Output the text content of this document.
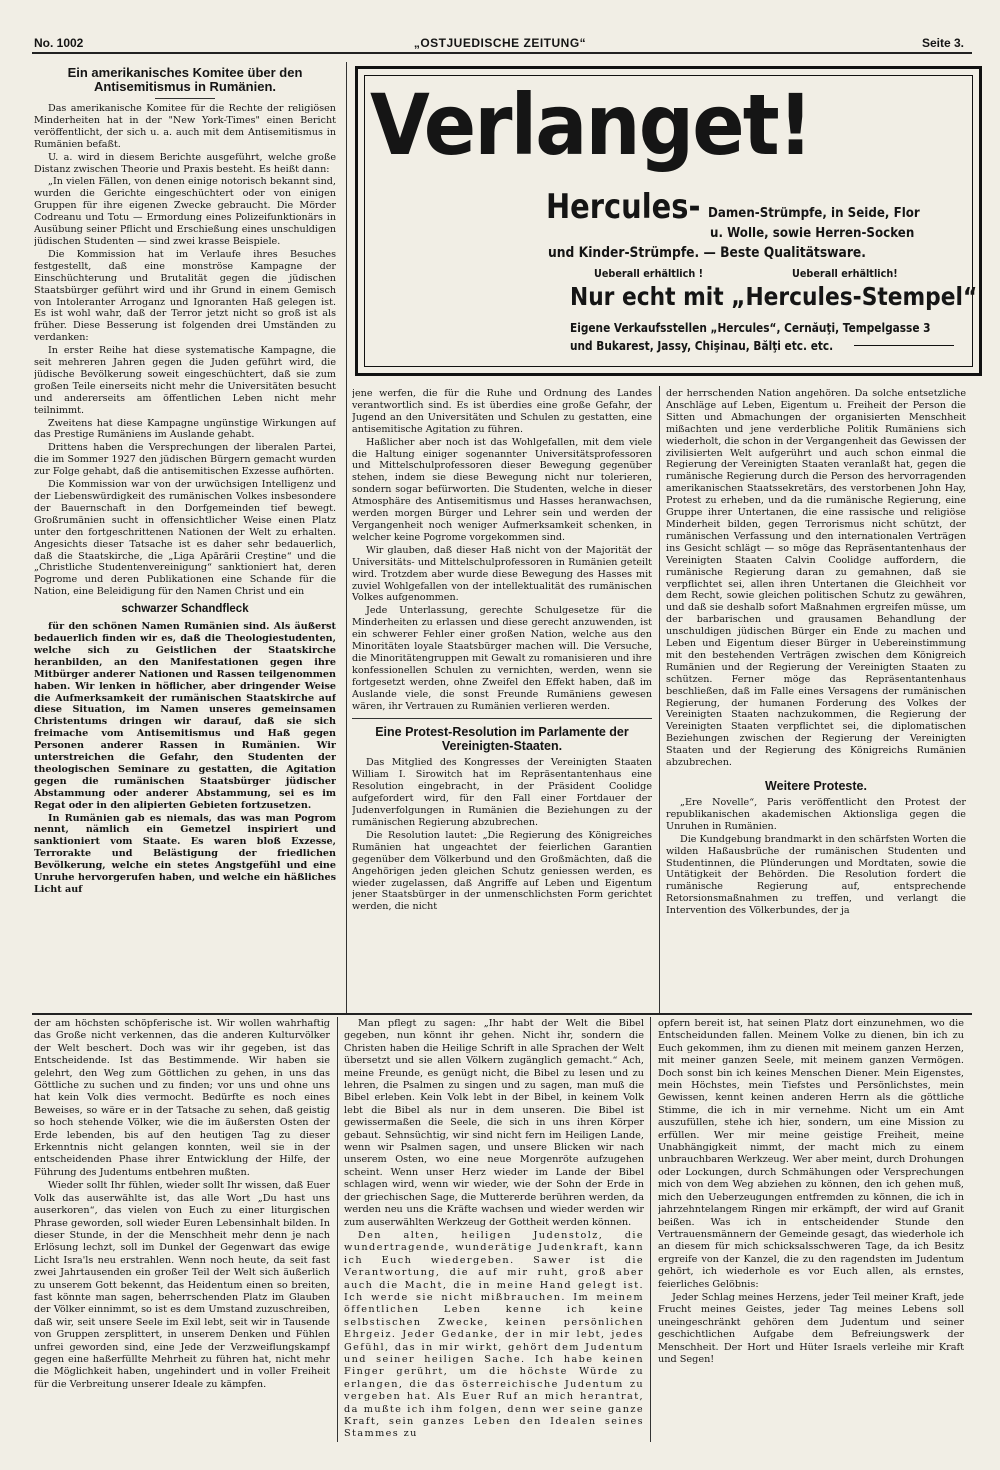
No. 1002	„OSTJUEDISCHE ZEITUNG“	Seite 3.
Ein amerikanisches Komitee über den Antisemitismus in Rumänien.

Das amerikanische Komitee für die Rechte der religiösen Minderheiten hat in der "New York-Times" einen Bericht veröffentlicht, der sich u. a. auch mit dem Antisemitismus in Rumänien befaßt.

U. a. wird in diesem Berichte ausgeführt, welche große Distanz zwischen Theorie und Praxis besteht. Es heißt dann:

„In vielen Fällen, von denen einige notorisch bekannt sind, wurden die Gerichte eingeschüchtert oder von einigen Gruppen für ihre eigenen Zwecke gebraucht. Die Mörder Codreanu und Totu — Ermordung eines Polizeifunktionärs in Ausübung seiner Pflicht und Erschießung eines unschuldigen jüdischen Studenten — sind zwei krasse Beispiele.

Die Kommission hat im Verlaufe ihres Besuches festgestellt, daß eine monströse Kampagne der Einschüchterung und Brutalität gegen die jüdischen Staatsbürger geführt wird und ihr Grund in einem Gemisch von Intoleranter Arroganz und Ignoranten Haß gelegen ist. Es ist wohl wahr, daß der Terror jetzt nicht so groß ist als früher. Diese Besserung ist folgenden drei Umständen zu verdanken:

In erster Reihe hat diese systematische Kampagne, die seit mehreren Jahren gegen die Juden geführt wird, die jüdische Bevölkerung soweit eingeschüchtert, daß sie zum großen Teile einerseits nicht mehr die Universitäten besucht und andererseits am öffentlichen Leben nicht mehr teilnimmt.

Zweitens hat diese Kampagne ungünstige Wirkungen auf das Prestige Rumäniens im Auslande gehabt.

Drittens haben die Versprechungen der liberalen Partei, die im Sommer 1927 den jüdischen Bürgern gemacht wurden zur Folge gehabt, daß die antisemitischen Exzesse aufhörten.

Die Kommission war von der urwüchsigen Intelligenz und der Liebenswürdigkeit des rumänischen Volkes insbesondere der Bauernschaft in den Dorfgemeinden tief bewegt. Großrumänien sucht in offensichtlicher Weise einen Platz unter den fortgeschrittenen Nationen der Welt zu erhalten. Angesichts dieser Tatsache ist es daher sehr bedauerlich, daß die Staatskirche, die „Liga Apărării Creștine“ und die „Christliche Studentenvereinigung“ sanktioniert hat, deren Pogrome und deren Publikationen eine Schande für die Nation, eine Beleidigung für den Namen Christ und ein

schwarzer Schandfleck

für den schönen Namen Rumänien sind. Als äußerst bedauerlich finden wir es, daß die Theologiestudenten, welche sich zu Geistlichen der Staatskirche heranbilden, an den Manifestationen gegen ihre Mitbürger anderer Nationen und Rassen teilgenommen haben. Wir lenken in höflicher, aber dringender Weise die Aufmerksamkeit der rumänischen Staatskirche auf diese Situation, im Namen unseres gemeinsamen Christentums dringen wir darauf, daß sie sich freimache vom Antisemitismus und Haß gegen Personen anderer Rassen in Rumänien. Wir unterstreichen die Gefahr, den Studenten der theologischen Seminare zu gestatten, die Agitation gegen die rumänischen Staatsbürger jüdischer Abstammung oder anderer Abstammung, sei es im Regat oder in den alipierten Gebieten fortzusetzen.

In Rumänien gab es niemals, das was man Pogrom nennt, nämlich ein Gemetzel inspiriert und sanktioniert vom Staate. Es waren bloß Exzesse, Terrorakte und Belästigung der friedlichen Bevölkerung, welche ein stetes Angstgefühl und eine Unruhe hervorgerufen haben, und welche ein häßliches Licht auf

Verlanget!
Hercules- Damen-Strümpfe, in Seide, Flor
u. Wolle, sowie Herren-Socken
und Kinder-Strümpfe. — Beste Qualitätsware.
Ueberall erhältlich !	Ueberall erhältlich!
Nur echt mit „Hercules-Stempel“
Eigene Verkaufsstellen „Hercules“, Cernăuţi, Tempelgasse 3
und Bukarest, Jassy, Chişinau, Bălţi etc. etc.

jene werfen, die für die Ruhe und Ordnung des Landes verantwortlich sind. Es ist überdies eine große Gefahr, der Jugend an den Universitäten und Schulen zu gestatten, eine antisemitische Agitation zu führen.

Haßlicher aber noch ist das Wohlgefallen, mit dem viele die Haltung einiger sogenannter Universitätsprofessoren und Mittelschulprofessoren dieser Bewegung gegenüber stehen, indem sie diese Bewegung nicht nur tolerieren, sondern sogar befürworten. Die Studenten, welche in dieser Atmosphäre des Antisemitismus und Hasses heranwachsen, werden morgen Bürger und Lehrer sein und werden der Vergangenheit noch weniger Aufmerksamkeit schenken, in welcher keine Pogrome vorgekommen sind.

Wir glauben, daß dieser Haß nicht von der Majorität der Universitäts- und Mittelschulprofessoren in Rumänien geteilt wird. Trotzdem aber wurde diese Bewegung des Hasses mit zuviel Wohlgefallen von der intellektualität des rumänischen Volkes aufgenommen.

Jede Unterlassung, gerechte Schulgesetze für die Minderheiten zu erlassen und diese gerecht anzuwenden, ist ein schwerer Fehler einer großen Nation, welche aus den Minoritäten loyale Staatsbürger machen will. Die Versuche, die Minoritätengruppen mit Gewalt zu romanisieren und ihre konfessionellen Schulen zu vernichten, werden, wenn sie fortgesetzt werden, ohne Zweifel den Effekt haben, daß im Auslande viele, die sonst Freunde Rumäniens gewesen wären, ihr Vertrauen zu Rumänien verlieren werden.

Eine Protest-Resolution im Parlamente der Vereinigten-Staaten.

Das Mitglied des Kongresses der Vereinigten Staaten William I. Sirowitch hat im Repräsentantenhaus eine Resolution eingebracht, in der Präsident Coolidge aufgefordert wird, für den Fall einer Fortdauer der Judenverfolgungen in Rumänien die Beziehungen zu der rumänischen Regierung abzubrechen.

Die Resolution lautet: „Die Regierung des Königreiches Rumänien hat ungeachtet der feierlichen Garantien gegenüber dem Völkerbund und den Großmächten, daß die Angehörigen jeden gleichen Schutz geniessen werden, es wieder zugelassen, daß Angriffe auf Leben und Eigentum jener Staatsbürger in der unmenschlichsten Form gerichtet werden, die nicht

der herrschenden Nation angehören. Da solche entsetzliche Anschläge auf Leben, Eigentum u. Freiheit der Person die Sitten und Abmachungen der organisierten Menschheit mißachten und jene verderbliche Politik Rumäniens sich wiederholt, die schon in der Vergangenheit das Gewissen der zivilisierten Welt aufgerührt und auch schon einmal die Regierung der Vereinigten Staaten veranlaßt hat, gegen die rumänische Regierung durch die Person des hervorragenden amerikanischen Staatssekretärs, des verstorbenen John Hay, Protest zu erheben, und da die rumänische Regierung, eine Gruppe ihrer Untertanen, die eine rassische und religiöse Minderheit bilden, gegen Terrorismus nicht schützt, der rumänischen Verfassung und den internationalen Verträgen ins Gesicht schlägt — so möge das Repräsentantenhaus der Vereinigten Staaten Calvin Coolidge auffordern, die rumänische Regierung daran zu gemahnen, daß sie verpflichtet sei, allen ihren Untertanen die Gleichheit vor dem Recht, sowie gleichen politischen Schutz zu gewähren, und daß sie deshalb sofort Maßnahmen ergreifen müsse, um der barbarischen und grausamen Behandlung der unschuldigen jüdischen Bürger ein Ende zu machen und Leben und Eigentum dieser Bürger in Uebereinstimmung mit den bestehenden Verträgen zwischen dem Königreich Rumänien und der Regierung der Vereinigten Staaten zu schützen. Ferner möge das Repräsentantenhaus beschließen, daß im Falle eines Versagens der rumänischen Regierung, der humanen Forderung des Volkes der Vereinigten Staaten nachzukommen, die Regierung der Vereinigten Staaten verpflichtet sei, die diplomatischen Beziehungen zwischen der Regierung der Vereinigten Staaten und der Regierung des Königreichs Rumänien abzubrechen.

Weitere Proteste.

„Ere Novelle“, Paris veröffentlicht den Protest der republikanischen akademischen Aktionsliga gegen die Unruhen in Rumänien.

Die Kundgebung brandmarkt in den schärfsten Worten die wilden Haßausbrüche der rumänischen Studenten und Studentinnen, die Plünderungen und Mordtaten, sowie die Untätigkeit der Behörden. Die Resolution fordert die rumänische Regierung auf, entsprechende Retorsionsmaßnahmen zu treffen, und verlangt die Intervention des Völkerbundes, der ja

der am höchsten schöpferische ist. Wir wollen wahrhaftig das Große nicht verkennen, das die anderen Kulturvölker der Welt beschert. Doch was wir ihr gegeben, ist das Entscheidende. Ist das Bestimmende. Wir haben sie gelehrt, den Weg zum Göttlichen zu gehen, in uns das Göttliche zu suchen und zu finden; vor uns und ohne uns hat kein Volk dies vermocht. Bedürfte es noch eines Beweises, so wäre er in der Tatsache zu sehen, daß geistig so hoch stehende Völker, wie die im äußersten Osten der Erde lebenden, bis auf den heutigen Tag zu dieser Erkenntnis nicht gelangen konnten, weil sie in der entscheidenden Phase ihrer Entwicklung der Hilfe, der Führung des Judentums entbehren mußten.

Wieder sollt Ihr fühlen, wieder sollt Ihr wissen, daß Euer Volk das auserwählte ist, das alle Wort „Du hast uns auserkoren“, das vielen von Euch zu einer liturgischen Phrase geworden, soll wieder Euren Lebensinhalt bilden. In dieser Stunde, in der die Menschheit mehr denn je nach Erlösung lechzt, soll im Dunkel der Gegenwart das ewige Licht Isra'ls neu erstrahlen. Wenn noch heute, da seit fast zwei Jahrtausenden ein großer Teil der Welt sich äußerlich zu unserem Gott bekennt, das Heidentum einen so breiten, fast könnte man sagen, beherrschenden Platz im Glauben der Völker einnimmt, so ist es dem Umstand zuzuschreiben, daß wir, seit unsere Seele im Exil lebt, seit wir in Tausende von Gruppen zersplittert, in unserem Denken und Fühlen unfrei geworden sind, eine Jede der Verzweiflungskampf gegen eine haßerfüllte Mehrheit zu führen hat, nicht mehr die Möglichkeit haben, ungehindert und in voller Freiheit für die Verbreitung unserer Ideale zu kämpfen.

Man pflegt zu sagen: „Ihr habt der Welt die Bibel gegeben, nun könnt ihr gehen. Nicht ihr, sondern die Christen haben die Heilige Schrift in alle Sprachen der Welt übersetzt und sie allen Völkern zugänglich gemacht.“ Ach, meine Freunde, es genügt nicht, die Bibel zu lesen und zu lehren, die Psalmen zu singen und zu sagen, man muß die Bibel erleben. Kein Volk lebt in der Bibel, in keinem Volk lebt die Bibel als nur in dem unseren. Die Bibel ist gewissermaßen die Seele, die sich in uns ihren Körper gebaut. Sehnsüchtig, wir sind nicht fern im Heiligen Lande, wenn wir Psalmen sagen, und unsere Blicken wir nach unserem Osten, wo eine neue Morgenröte aufzugehen scheint. Wenn unser Herz wieder im Lande der Bibel schlagen wird, wenn wir wieder, wie der Sohn der Erde in der griechischen Sage, die Muttererde berühren werden, da werden neu uns die Kräfte wachsen und wieder werden wir zum auserwählten Werkzeug der Gottheit werden können.

Den alten, heiligen Judenstolz, die wundertragende, wunderätige Judenkraft, kann ich Euch wiedergeben. Sawer ist die Verantwortung, die auf mir ruht, groß aber auch die Macht, die in meine Hand gelegt ist. Ich werde sie nicht mißbrauchen. Im meinem öffentlichen Leben kenne ich keine selbstischen Zwecke, keinen persönlichen Ehrgeiz. Jeder Gedanke, der in mir lebt, jedes Gefühl, das in mir wirkt, gehört dem Judentum und seiner heiligen Sache. Ich habe keinen Finger gerührt, um die höchste Würde zu erlangen, die das österreichische Judentum zu vergeben hat. Als Euer Ruf an mich herantrat, da mußte ich ihm folgen, denn wer seine ganze Kraft, sein ganzes Leben den Idealen seines Stammes zu

opfern bereit ist, hat seinen Platz dort einzunehmen, wo die Entscheidunden fallen. Meinem Volke zu dienen, bin ich zu Euch gekommen, ihm zu dienen mit meinem ganzen Herzen, mit meiner ganzen Seele, mit meinem ganzen Vermögen. Doch sonst bin ich keines Menschen Diener. Mein Eigenstes, mein Höchstes, mein Tiefstes und Persönlichstes, mein Gewissen, kennt keinen anderen Herrn als die göttliche Stimme, die ich in mir vernehme. Nicht um ein Amt auszufüllen, stehe ich hier, sondern, um eine Mission zu erfüllen. Wer mir meine geistige Freiheit, meine Unabhängigkeit nimmt, der macht mich zu einem unbrauchbaren Werkzeug. Wer aber meint, durch Drohungen oder Lockungen, durch Schmähungen oder Versprechungen mich von dem Weg abziehen zu können, den ich gehen muß, mich den Ueberzeugungen entfremden zu können, die ich in jahrzehntelangem Ringen mir erkämpft, der wird auf Granit beißen. Was ich in entscheidender Stunde den Vertrauensmännern der Gemeinde gesagt, das wiederhole ich an diesem für mich schicksalsschweren Tage, da ich Besitz ergreife von der Kanzel, die zu den ragendsten im Judentum gehört, ich wiederhole es vor Euch allen, als ernstes, feierliches Gelöbnis:

Jeder Schlag meines Herzens, jeder Teil meiner Kraft, jede Frucht meines Geistes, jeder Tag meines Lebens soll uneingeschränkt gehören dem Judentum und seiner geschichtlichen Aufgabe dem Befreiungswerk der Menschheit. Der Hort und Hüter Israels verleihe mir Kraft und Segen!
